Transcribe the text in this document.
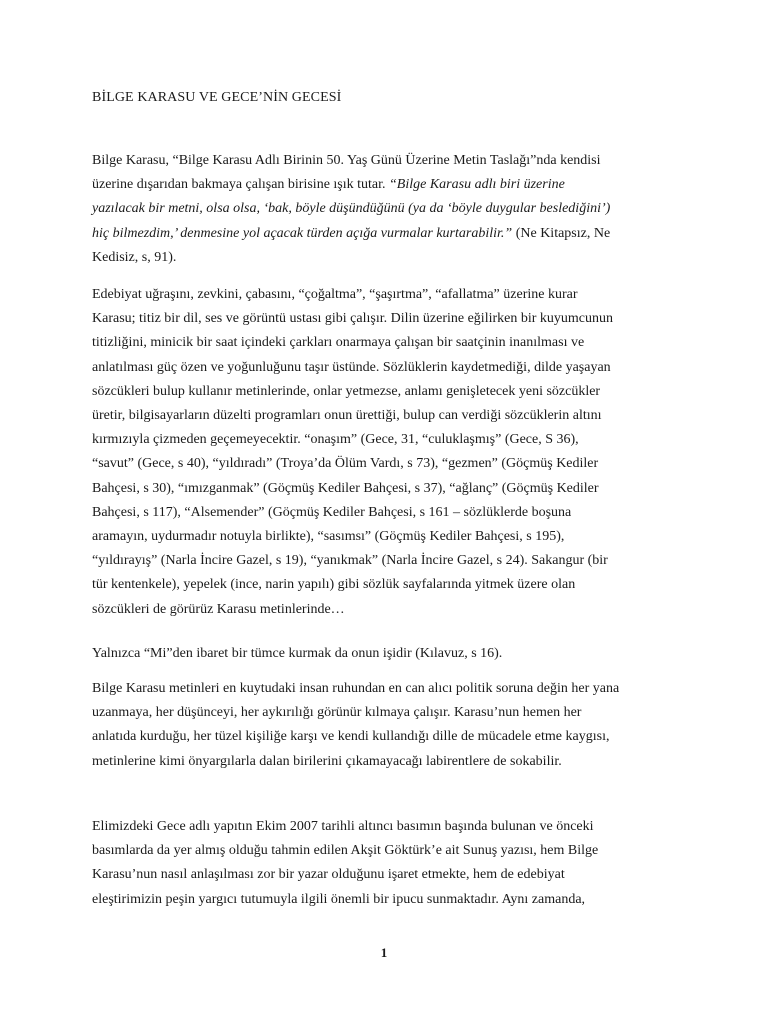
BİLGE KARASU VE GECE’NİN GECESİ
Bilge Karasu, “Bilge Karasu Adlı Birinin 50. Yaş Günü Üzerine Metin Taslağı”nda kendisi
üzerine dışarıdan bakmaya çalışan birisine ışık tutar. “Bilge Karasu adlı biri üzerine
yazılacak bir metni, olsa olsa, ‘bak, böyle düşündüğünü (ya da ‘böyle duygular beslediğini’)
hiç bilmezdim,’ denmesine yol açacak türden açığa vurmalar kurtarabilir.” (Ne Kitapsız, Ne
Kedisiz, s, 91).
Edebiyat uğraşını, zevkini, çabasını, “çoğaltma”, “şaşırtma”, “afallatma” üzerine kurar
Karasu; titiz bir dil, ses ve görüntü ustası gibi çalışır. Dilin üzerine eğilirken bir kuyumcunun
titizliğini, minicik bir saat içindeki çarkları onarmaya çalışan bir saatçinin inanılması ve
anlatılması güç özen ve yoğunluğunu taşır üstünde. Sözlüklerin kaydetmediği, dilde yaşayan
sözcükleri bulup kullanır metinlerinde, onlar yetmezse, anlamı genişletecek yeni sözcükler
üretir, bilgisayarların düzelti programları onun ürettiği, bulup can verdiği sözcüklerin altını
kırmızıyla çizmeden geçemeyecektir. “onaşım” (Gece, 31, “culuklaşmış” (Gece, S 36),
“savut” (Gece, s 40), “yıldıradı” (Troya’da Ölüm Vardı, s 73), “gezmen” (Göçmüş Kediler
Bahçesi, s 30), “ımızganmak” (Göçmüş Kediler Bahçesi, s 37), “ağlanç” (Göçmüş Kediler
Bahçesi, s 117), “Alsemender” (Göçmüş Kediler Bahçesi, s 161 – sözlüklerde boşuna
aramayın, uydurmadır notuyla birlikte), “sasımsı” (Göçmüş Kediler Bahçesi, s 195),
“yıldırayış” (Narla İncire Gazel, s 19), “yanıkmak” (Narla İncire Gazel, s 24). Sakangur (bir
tür kentenkele), yepelek (ince, narin yapılı) gibi sözlük sayfalarında yitmek üzere olan
sözcükleri de görürüz Karasu metinlerinde…
Yalnızca “Mi”den ibaret bir tümce kurmak da onun işidir (Kılavuz, s 16).
Bilge Karasu metinleri en kuytudaki insan ruhundan en can alıcı politik soruna değin her yana
uzanmaya, her düşünceyi, her aykırılığı görünür kılmaya çalışır. Karasu’nun hemen her
anlatıda kurduğu, her tüzel kişiliğe karşı ve kendi kullandığı dille de mücadele etme kaygısı,
metinlerine kimi önyargılarla dalan birilerini çıkamayacağı labirentlere de sokabilir.
Elimizdeki Gece adlı yapıtın Ekim 2007 tarihli altıncı basımın başında bulunan ve önceki
basımlarda da yer almış olduğu tahmin edilen Akşit Göktürk’e ait Sunuş yazısı, hem Bilge
Karasu’nun nasıl anlaşılması zor bir yazar olduğunu işaret etmekte, hem de edebiyat
eleştirimizin peşin yargıcı tutumuyla ilgili önemli bir ipucu sunmaktadır. Aynı zamanda,
1
